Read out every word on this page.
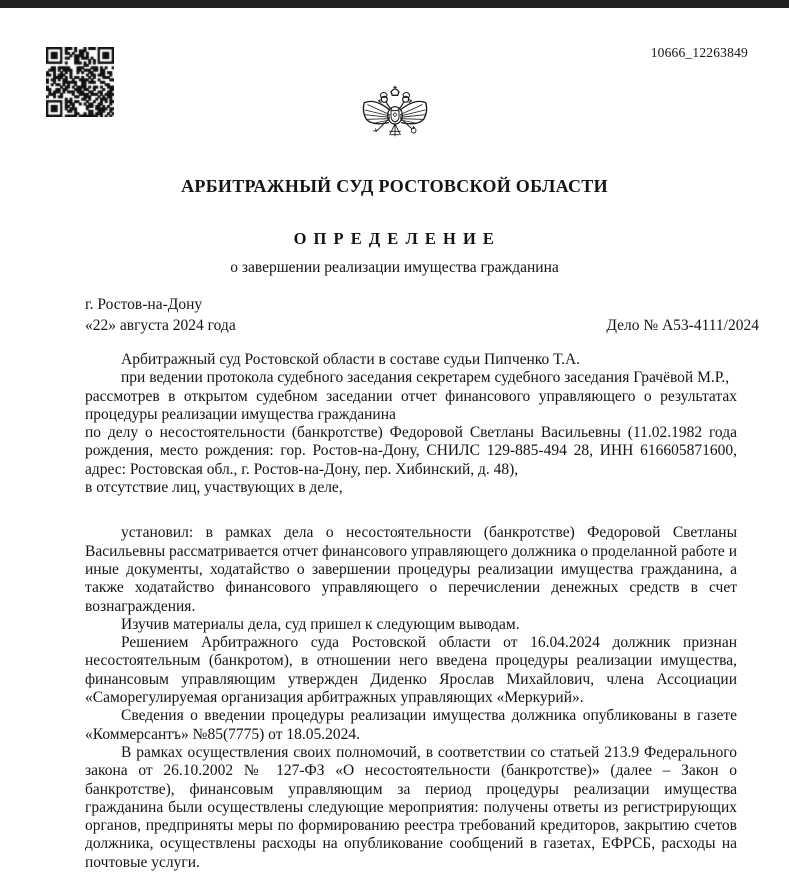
10666_12263849
АРБИТРАЖНЫЙ СУД РОСТОВСКОЙ ОБЛАСТИ
О П Р Е Д Е Л Е Н И Е
о завершении реализации имущества гражданина
г. Ростов-на-Дону
«22» августа 2024 года	Дело № А53-4111/2024

Арбитражный суд Ростовской области в составе судьи Пипченко Т.А.

при ведении протокола судебного заседания секретарем судебного заседания Грачёвой М.Р.,

рассмотрев в открытом судебном заседании отчет финансового управляющего о результатах процедуры реализации имущества гражданина

по делу о несостоятельности (банкротстве) Федоровой Светланы Васильевны (11.02.1982 года рождения, место рождения: гор. Ростов-на-Дону, СНИЛС 129-885-494 28, ИНН 616605871600, адрес: Ростовская обл., г. Ростов-на-Дону, пер. Хибинский, д. 48),

в отсутствие лиц, участвующих в деле,

установил: в рамках дела о несостоятельности (банкротстве) Федоровой Светланы Васильевны рассматривается отчет финансового управляющего должника о проделанной работе и иные документы, ходатайство о завершении процедуры реализации имущества гражданина, а также ходатайство финансового управляющего о перечислении денежных средств в счет вознаграждения.

Изучив материалы дела, суд пришел к следующим выводам.

Решением Арбитражного суда Ростовской области от 16.04.2024 должник признан несостоятельным (банкротом), в отношении него введена процедуры реализации имущества, финансовым управляющим утвержден Диденко Ярослав Михайлович, члена Ассоциации «Саморегулируемая организация арбитражных управляющих «Меркурий».

Сведения о введении процедуры реализации имущества должника опубликованы в газете «Коммерсантъ» №85(7775) от 18.05.2024.

В рамках осуществления своих полномочий, в соответствии со статьей 213.9 Федерального закона от 26.10.2002 № 127-ФЗ «О несостоятельности (банкротстве)» (далее – Закон о банкротстве), финансовым управляющим за период процедуры реализации имущества гражданина были осуществлены следующие мероприятия: получены ответы из регистрирующих органов, предприняты меры по формированию реестра требований кредиторов, закрытию счетов должника, осуществлены расходы на опубликование сообщений в газетах, ЕФРСБ, расходы на почтовые услуги.
